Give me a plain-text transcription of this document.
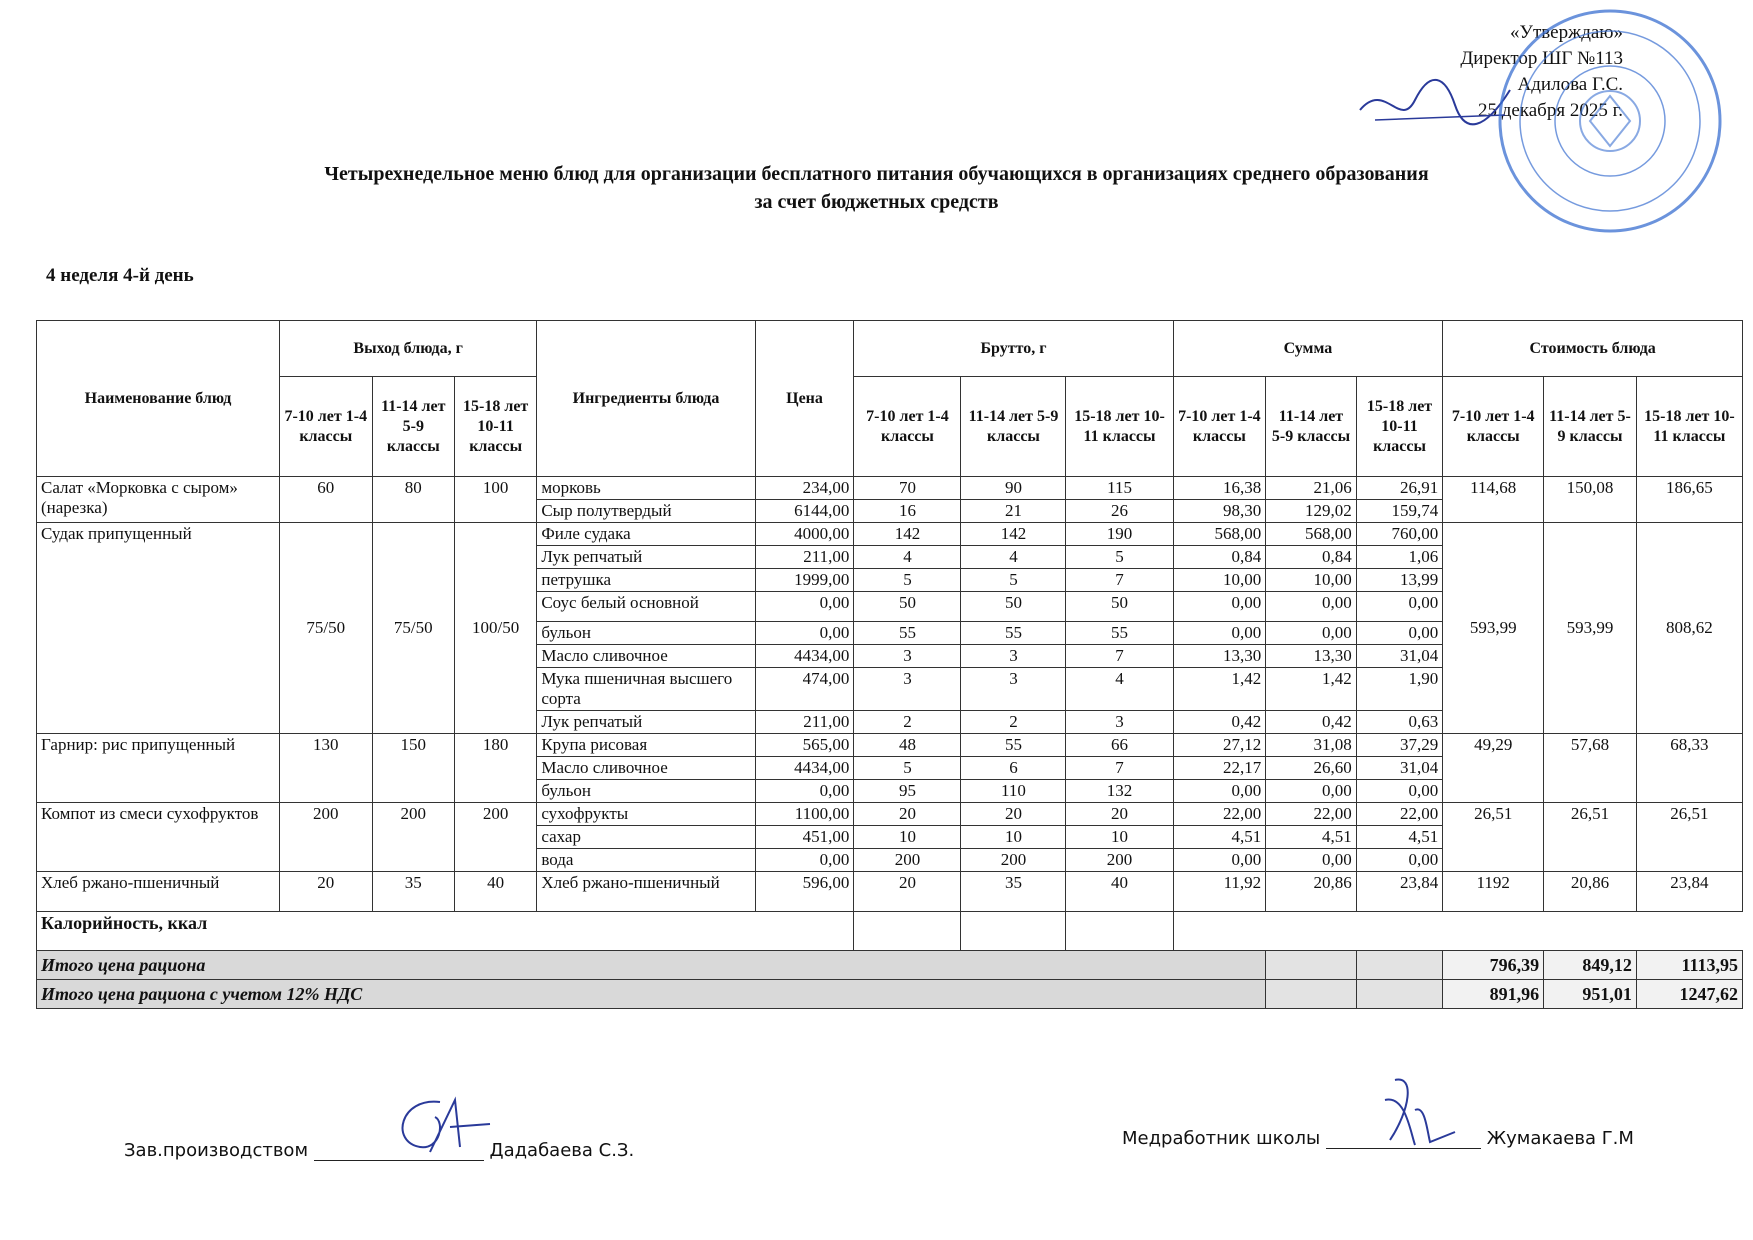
«Утверждаю»
Директор ШГ №113
Адилова Г.С.
25 декабря 2025 г.
Четырехнедельное меню блюд для организации бесплатного питания обучающихся в организациях среднего образования
за счет бюджетных средств
4 неделя 4-й день
Наименование блюд	Выход блюда, г			Ингредиенты блюда	Цена	Брутто, г			Сумма			Стоимость блюда		
	7-10 лет 1-4 классы	11-14 лет 5-9 классы	15-18 лет 10-11 классы			7-10 лет 1-4 классы	11-14 лет 5-9 классы	15-18 лет 10-11 классы	7-10 лет 1-4 классы	11-14 лет 5-9 классы	15-18 лет 10-11 классы	7-10 лет 1-4 классы	11-14 лет 5-9 классы	15-18 лет 10-11 классы
Салат «Морковка с сыром» (нарезка)	60	80	100	морковь	234,00	70	90	115	16,38	21,06	26,91	114,68	150,08	186,65
				Сыр полутвердый	6144,00	16	21	26	98,30	129,02	159,74			
Судак припущенный	75/50	75/50	100/50	Филе судака	4000,00	142	142	190	568,00	568,00	760,00	593,99	593,99	808,62
				Лук репчатый	211,00	4	4	5	0,84	0,84	1,06			
				петрушка	1999,00	5	5	7	10,00	10,00	13,99			
				Соус белый основной	0,00	50	50	50	0,00	0,00	0,00			
				бульон	0,00	55	55	55	0,00	0,00	0,00			
				Масло сливочное	4434,00	3	3	7	13,30	13,30	31,04			
				Мука пшеничная высшего сорта	474,00	3	3	4	1,42	1,42	1,90			
				Лук репчатый	211,00	2	2	3	0,42	0,42	0,63			
Гарнир: рис припущенный	130	150	180	Крупа рисовая	565,00	48	55	66	27,12	31,08	37,29	49,29	57,68	68,33
				Масло сливочное	4434,00	5	6	7	22,17	26,60	31,04			
				бульон	0,00	95	110	132	0,00	0,00	0,00			
Компот из смеси сухофруктов	200	200	200	сухофрукты	1100,00	20	20	20	22,00	22,00	22,00	26,51	26,51	26,51
				сахар	451,00	10	10	10	4,51	4,51	4,51			
				вода	0,00	200	200	200	0,00	0,00	0,00			
Хлеб ржано-пшеничный	20	35	40	Хлеб ржано-пшеничный	596,00	20	35	40	11,92	20,86	23,84	1192	20,86	23,84
Калорийность, ккал														
Итого цена рациона												796,39	849,12	1113,95
Итого цена рациона с учетом 12% НДС												891,96	951,01	1247,62
Зав.производством	Дадабаева С.З.
Медработник школы	Жумакаева Г.М
